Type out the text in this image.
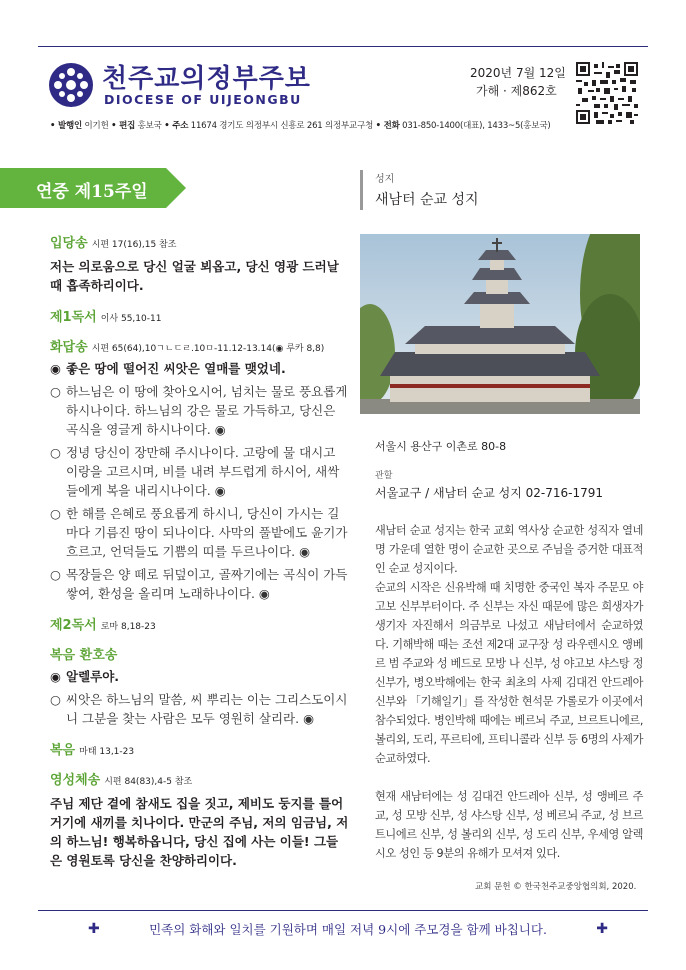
천주교의정부주보
DIOCESE OF UIJEONGBU
2020년 7월 12일
가해 · 제862호
• 발행인 이기헌 • 편집 홍보국 • 주소 11674 경기도 의정부시 신흥로 261 의정부교구청 • 전화 031-850-1400(대표), 1433~5(홍보국)
연중 제15주일
입당송 시편 17(16),15 참조
저는 의로움으로 당신 얼굴 뵈옵고, 당신 영광 드러날 때 흡족하리이다.
제1독서 이사 55,10-11
화답송 시편 65(64),10ㄱㄴㄷㄹ.10ㅁ-11.12-13.14(◉ 루카 8,8)
◉ 좋은 땅에 떨어진 씨앗은 열매를 맺었네.
○ 하느님은 이 땅에 찾아오시어, 넘치는 물로 풍요롭게 하시나이다. 하느님의 강은 물로 가득하고, 당신은 곡식을 영글게 하시나이다. ◉
○ 정녕 당신이 장만해 주시나이다. 고랑에 물 대시고 이랑을 고르시며, 비를 내려 부드럽게 하시어, 새싹들에게 복을 내리시나이다. ◉
○ 한 해를 은혜로 풍요롭게 하시니, 당신이 가시는 길마다 기름진 땅이 되나이다. 사막의 풀밭에도 윤기가 흐르고, 언덕들도 기쁨의 띠를 두르나이다. ◉
○ 목장들은 양 떼로 뒤덮이고, 골짜기에는 곡식이 가득 쌓여, 환성을 올리며 노래하나이다. ◉
제2독서 로마 8,18-23
복음 환호송
◉ 알렐루야.
○ 씨앗은 하느님의 말씀, 씨 뿌리는 이는 그리스도이시니 그분을 찾는 사람은 모두 영원히 살리라. ◉
복음 마태 13,1-23
영성체송 시편 84(83),4-5 참조
주님 제단 곁에 참새도 집을 짓고, 제비도 둥지를 틀어 거기에 새끼를 치나이다. 만군의 주님, 저의 임금님, 저의 하느님! 행복하옵니다, 당신 집에 사는 이들! 그들은 영원토록 당신을 찬양하리이다.
성지
새남터 순교 성지
서울시 용산구 이촌로 80-8
관할
서울교구 / 새남터 순교 성지 02-716-1791

새남터 순교 성지는 한국 교회 역사상 순교한 성직자 열네 명 가운데 열한 명이 순교한 곳으로 주님을 증거한 대표적인 순교 성지이다.

순교의 시작은 신유박해 때 치명한 중국인 복자 주문모 야고보 신부부터이다. 주 신부는 자신 때문에 많은 희생자가 생기자 자진해서 의금부로 나섰고 새남터에서 순교하였다. 기해박해 때는 조선 제2대 교구장 성 라우렌시오 앵베르 범 주교와 성 베드로 모방 나 신부, 성 야고보 샤스탕 정 신부가, 병오박해에는 한국 최초의 사제 김대건 안드레아 신부와 「기해일기」를 작성한 현석문 가롤로가 이곳에서 참수되었다. 병인박해 때에는 베르뇌 주교, 브르트니에르, 볼리외, 도리, 푸르티에, 프티니콜라 신부 등 6명의 사제가 순교하였다.

현재 새남터에는 성 김대건 안드레아 신부, 성 앵베르 주교, 성 모방 신부, 성 샤스탕 신부, 성 베르뇌 주교, 성 브르트니에르 신부, 성 볼리외 신부, 성 도리 신부, 우세영 알렉시오 성인 등 9분의 유해가 모셔져 있다.

교회 문헌 © 한국천주교중앙협의회, 2020.
✚	민족의 화해와 일치를 기원하며 매일 저녁 9시에 주모경을 함께 바칩니다.	✚
